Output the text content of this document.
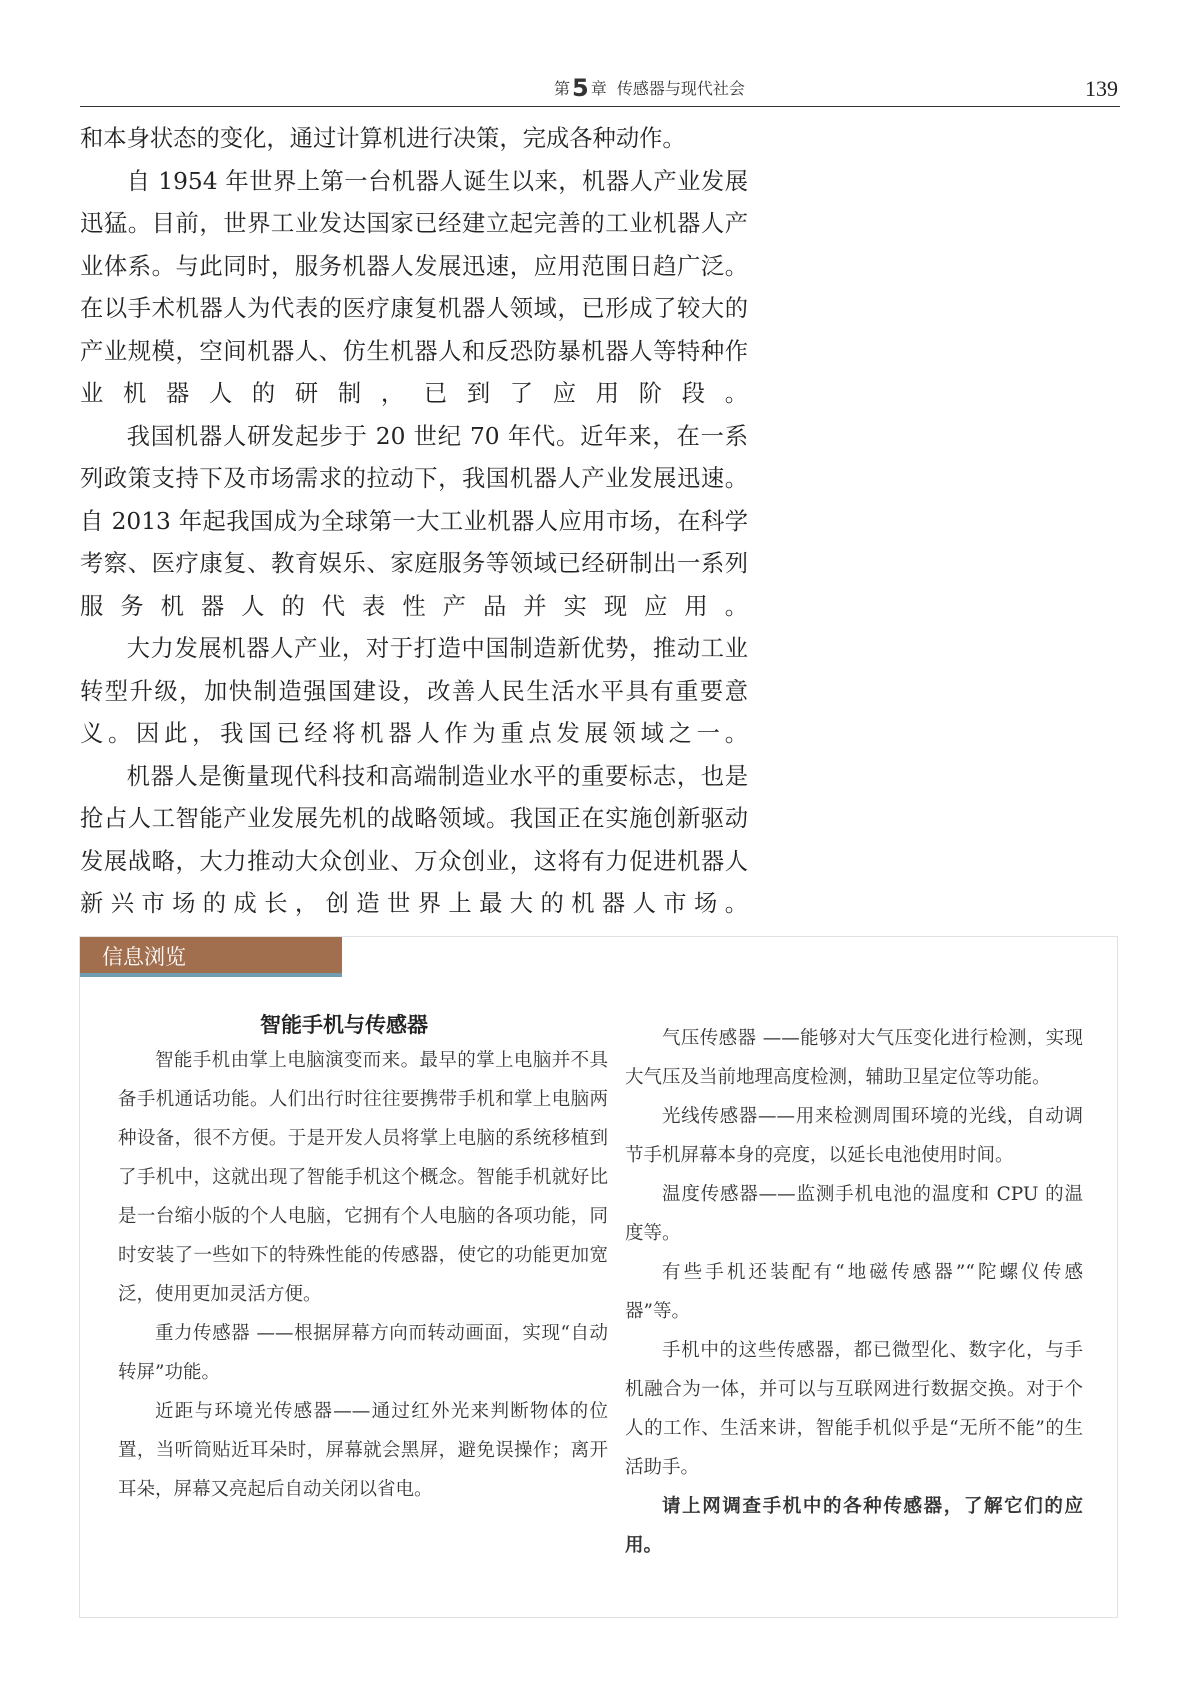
第5 章 传感器与现代社会	139

和本身状态的变化，通过计算机进行决策，完成各种动作。

自 1954 年世界上第一台机器人诞生以来，机器人产业发展迅猛。目前，世界工业发达国家已经建立起完善的工业机器人产业体系。与此同时，服务机器人发展迅速，应用范围日趋广泛。在以手术机器人为代表的医疗康复机器人领域，已形成了较大的产业规模，空间机器人、仿生机器人和反恐防暴机器人等特种作业机器人的研制，已到了应用阶段。

我国机器人研发起步于 20 世纪 70 年代。近年来，在一系列政策支持下及市场需求的拉动下，我国机器人产业发展迅速。自 2013 年起我国成为全球第一大工业机器人应用市场，在科学考察、医疗康复、教育娱乐、家庭服务等领域已经研制出一系列服务机器人的代表性产品并实现应用。

大力发展机器人产业，对于打造中国制造新优势，推动工业转型升级，加快制造强国建设，改善人民生活水平具有重要意义。因此，我国已经将机器人作为重点发展领域之一。

机器人是衡量现代科技和高端制造业水平的重要标志，也是抢占人工智能产业发展先机的战略领域。我国正在实施创新驱动发展战略，大力推动大众创业、万众创业，这将有力促进机器人新兴市场的成长，创造世界上最大的机器人市场。

信息浏览
智能手机与传感器

智能手机由掌上电脑演变而来。最早的掌上电脑并不具备手机通话功能。人们出行时往往要携带手机和掌上电脑两种设备，很不方便。于是开发人员将掌上电脑的系统移植到了手机中，这就出现了智能手机这个概念。智能手机就好比是一台缩小版的个人电脑，它拥有个人电脑的各项功能，同时安装了一些如下的特殊性能的传感器，使它的功能更加宽泛，使用更加灵活方便。

重力传感器 ——根据屏幕方向而转动画面，实现“自动转屏”功能。

近距与环境光传感器——通过红外光来判断物体的位置，当听筒贴近耳朵时，屏幕就会黑屏，避免误操作；离开耳朵，屏幕又亮起后自动关闭以省电。

气压传感器 ——能够对大气压变化进行检测，实现大气压及当前地理高度检测，辅助卫星定位等功能。

光线传感器——用来检测周围环境的光线，自动调节手机屏幕本身的亮度，以延长电池使用时间。

温度传感器——监测手机电池的温度和 CPU 的温度等。

有些手机还装配有“地磁传感器”“陀螺仪传感器”等。

手机中的这些传感器，都已微型化、数字化，与手机融合为一体，并可以与互联网进行数据交换。对于个人的工作、生活来讲，智能手机似乎是“无所不能”的生活助手。

请上网调查手机中的各种传感器，了解它们的应用。
